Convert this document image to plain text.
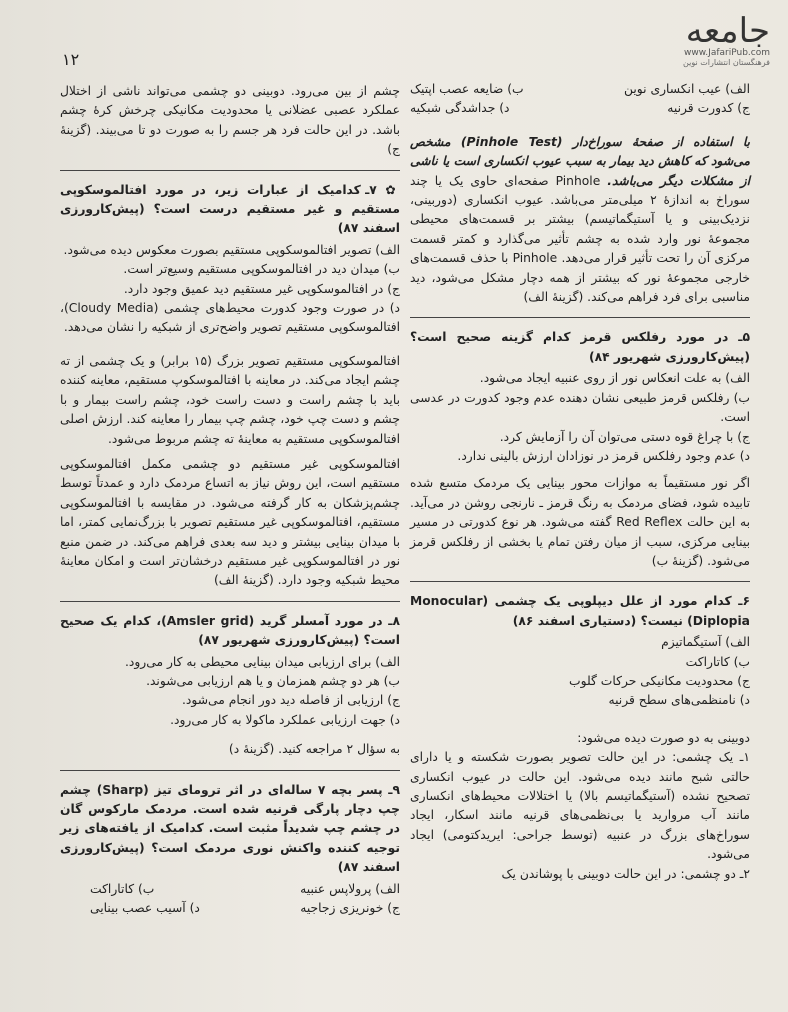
۱۲
جامعه
www.JafariPub.com
فرهنگستان انتشارات نوین
الف) عیب انکساری نوین
ب) ضایعه عصب اپتیک
ج) کدورت قرنیه
د) جداشدگی شبکیه

با استفاده از صفحهٔ سوراخ‌دار (Pinhole Test) مشخص می‌شود که کاهش دید بیمار به سبب عیوب انکساری است یا ناشی از مشکلات دیگر می‌باشد. Pinhole صفحه‌ای حاوی یک یا چند سوراخ به اندازهٔ ۲ میلی‌متر می‌باشد. عیوب انکساری (دوربینی، نزدیک‌بینی و یا آستیگماتیسم) بیشتر بر قسمت‌های محیطی مجموعهٔ نور وارد شده به چشم تأثیر می‌گذارد و کمتر قسمت مرکزی آن را تحت تأثیر قرار می‌دهد. Pinhole با حذف قسمت‌های خارجی مجموعهٔ نور که بیشتر از همه دچار مشکل می‌شود، دید مناسبی برای فرد فراهم می‌کند. (گزینهٔ الف)

۵ـ در مورد رفلکس قرمز کدام گزینه صحیح است؟ (پیش‌کارورزی شهریور ۸۴)
الف) به علت انعکاس نور از روی عنبیه ایجاد می‌شود.
ب) رفلکس قرمز طبیعی نشان دهنده عدم وجود کدورت در عدسی است.
ج) با چراغ قوه دستی می‌توان آن را آزمایش کرد.
د) عدم وجود رفلکس قرمز در نوزادان ارزش بالینی ندارد.

اگر نور مستقیماً به موازات محور بینایی یک مردمک متسع شده تابیده شود، فضای مردمک به رنگ قرمز ـ نارنجی روشن در می‌آید. به این حالت Red Reflex گفته می‌شود. هر نوع کدورتی در مسیر بینایی مرکزی، سبب از میان رفتن تمام یا بخشی از رفلکس قرمز می‌شود. (گزینهٔ ب)

۶ـ کدام مورد از علل دیپلوپی یک چشمی (Monocular Diplopia) نیست؟ (دستیاری اسفند ۸۶)
الف) آستیگماتیزم
ب) کاتاراکت
ج) محدودیت مکانیکی حرکات گلوب
د) نامنظمی‌های سطح قرنیه

دوبینی به دو صورت دیده می‌شود:

۱ـ یک چشمی: در این حالت تصویر بصورت شکسته و یا دارای حالتی شبح مانند دیده می‌شود. این حالت در عیوب انکساری تصحیح نشده (آستیگماتیسم بالا) یا اختلالات محیط‌های انکساری مانند آب مروارید یا بی‌نظمی‌های قرنیه مانند اسکار، ایجاد سوراخ‌های بزرگ در عنبیه (توسط جراحی: ایریدکتومی) ایجاد می‌شود.

۲ـ دو چشمی: در این حالت دوبینی با پوشاندن یک

چشم از بین می‌رود. دوبینی دو چشمی می‌تواند ناشی از اختلال عملکرد عصبی عضلانی یا محدودیت مکانیکی چرخش کرهٔ چشم باشد. در این حالت فرد هر جسم را به صورت دو تا می‌بیند. (گزینهٔ ج)

✿ ۷ـ کدامیک از عبارات زیر، در مورد افتالموسکوپی مستقیم و غیر مستقیم درست است؟ (پیش‌کارورزی اسفند ۸۷)
الف) تصویر افتالموسکوپی مستقیم بصورت معکوس دیده می‌شود.
ب) میدان دید در افتالموسکوپی مستقیم وسیع‌تر است.
ج) در افتالموسکوپی غیر مستقیم دید عمیق وجود دارد.
د) در صورت وجود کدورت محیط‌های چشمی (Cloudy Media)، افتالموسکوپی مستقیم تصویر واضح‌تری از شبکیه را نشان می‌دهد.

افتالموسکوپی مستقیم تصویر بزرگ (۱۵ برابر) و یک چشمی از ته چشم ایجاد می‌کند. در معاینه با افتالموسکوپ مستقیم، معاینه کننده باید با چشم راست و دست راست خود، چشم راست بیمار و با چشم و دست چپ خود، چشم چپ بیمار را معاینه کند. ارزش اصلی افتالموسکوپی مستقیم به معاینهٔ ته چشم مربوط می‌شود.

افتالموسکوپی غیر مستقیم دو چشمی مکمل افتالموسکوپی مستقیم است، این روش نیاز به اتساع مردمک دارد و عمدتاً توسط چشم‌پزشکان به کار گرفته می‌شود. در مقایسه با افتالموسکوپی مستقیم، افتالموسکوپی غیر مستقیم تصویر با بزرگ‌نمایی کمتر، اما با میدان بینایی بیشتر و دید سه بعدی فراهم می‌کند. در ضمن منبع نور در افتالموسکوپی غیر مستقیم درخشان‌تر است و امکان معاینهٔ محیط شبکیه وجود دارد. (گزینهٔ الف)

۸ـ در مورد آمسلر گرید (Amsler grid)، کدام یک صحیح است؟ (پیش‌کارورزی شهریور ۸۷)
الف) برای ارزیابی میدان بینایی محیطی به کار می‌رود.
ب) هر دو چشم همزمان و یا هم ارزیابی می‌شوند.
ج) ارزیابی از فاصله دید دور انجام می‌شود.
د) جهت ارزیابی عملکرد ماکولا به کار می‌رود.

به سؤال ۲ مراجعه کنید. (گزینهٔ د)

۹ـ پسر بچه ۷ ساله‌ای در اثر ترومای تیز (Sharp) چشم چپ دچار پارگی قرنیه شده است. مردمک مارکوس گان در چشم چپ شدیداً مثبت است. کدامیک از یافته‌های زیر توجیه کننده واکنش نوری مردمک است؟ (پیش‌کارورزی اسفند ۸۷)
الف) پرولاپس عنبیه
ب) کاتاراکت
ج) خونریزی زجاجیه
د) آسیب عصب بینایی
